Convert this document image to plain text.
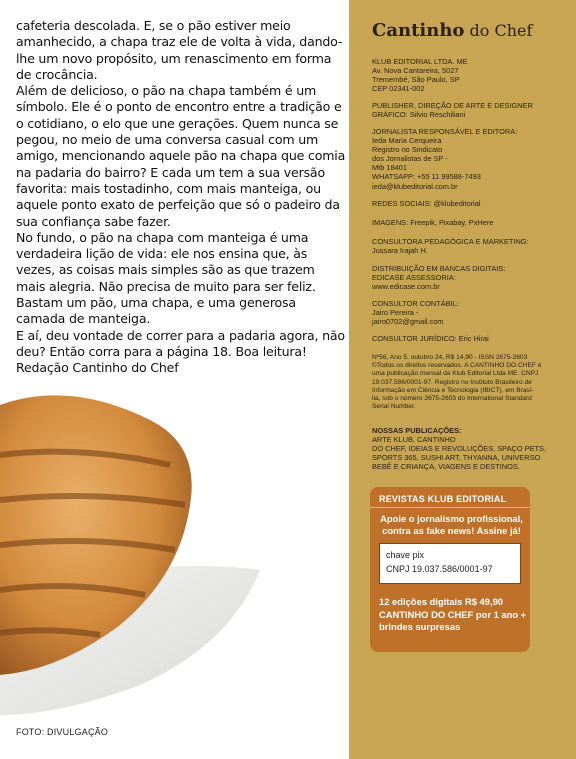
cafeteria descolada. E, se o pão estiver meio amanhecido, a chapa traz ele de volta à vida, dando-lhe um novo propósito, um renascimento em forma de crocância.

Além de delicioso, o pão na chapa também é um símbolo. Ele é o ponto de encontro entre a tradição e o cotidiano, o elo que une gerações. Quem nunca se pegou, no meio de uma conversa casual com um amigo, mencionando aquele pão na chapa que comia na padaria do bairro? E cada um tem a sua versão favorita: mais tostadinho, com mais manteiga, ou aquele ponto exato de perfeição que só o padeiro da sua confiança sabe fazer.

No fundo, o pão na chapa com manteiga é uma verdadeira lição de vida: ele nos ensina que, às vezes, as coisas mais simples são as que trazem mais alegria. Não precisa de muito para ser feliz. Bastam um pão, uma chapa, e uma generosa camada de manteiga.

E aí, deu vontade de correr para a padaria agora, não deu? Então corra para a página 18. Boa leitura!

Redação Cantinho do Chef

FOTO: DIVULGAÇÃO
Cantinho do Chef
KLUB EDITORIAL LTDA. ME
Av. Nova Cantareira, 5027
Tremembé, São Paulo, SP
CEP 02341-002
PUBLISHER, DIREÇÃO DE ARTE E DESIGNER
GRÁFICO: Silvio Reschiliani
JORNALISTA RESPONSÁVEL E EDITORA:
Ieda Maria Cerqueira
Registro no Sindicato
dos Jornalistas de SP -
Mtb 18401
WHATSAPP: +55 11 99588-7493
ieda@klubeditorial.com.br
REDES SOCIAIS: @klubeditorial
IMAGENS: Freepik, Pixabay, PxHere
CONSULTORA PEDAGÓGICA E MARKETING:
Jussara Irajah H.
DISTRIBUIÇÃO EM BANCAS DIGITAIS:
EDICASE ASSESSORIA:
www.edicase.com.br
CONSULTOR CONTÁBIL:
Jairo Pereira -
jairo0702@gmail.com
CONSULTOR JURÍDICO: Eric Hirai
Nº56, Ano 5, outubro 24, R$ 14,90 - ISSN 2675-2603
©Todos os direitos reservados. A CANTINHO DO CHEF é
uma publicação mensal da Klub Editorial Ltda ME. CNPJ
19.037.586/0001-97. Registro no Instituto Brasileiro de
Informação em Ciência e Tecnologia (IBICT), em Brasí-
lia, sob o número 2675-2603 do International Standard
Serial Number.
NOSSAS PUBLICAÇÕES:
ARTE KLUB, CANTINHO
DO CHEF, IDEIAS E REVOLUÇÕES, SPAÇO PETS,
SPORTS 365, SUSHI ART, THYANNA, UNIVERSO
BEBÊ E CRIANÇA, VIAGENS E DESTINOS.
REVISTAS KLUB EDITORIAL
Apoie o jornalismo profissional, contra as fake news! Assine já!
chave pix
CNPJ 19.037.586/0001-97
12 edições digitais R$ 49,90 CANTINHO DO CHEF por 1 ano + brindes surpresas
